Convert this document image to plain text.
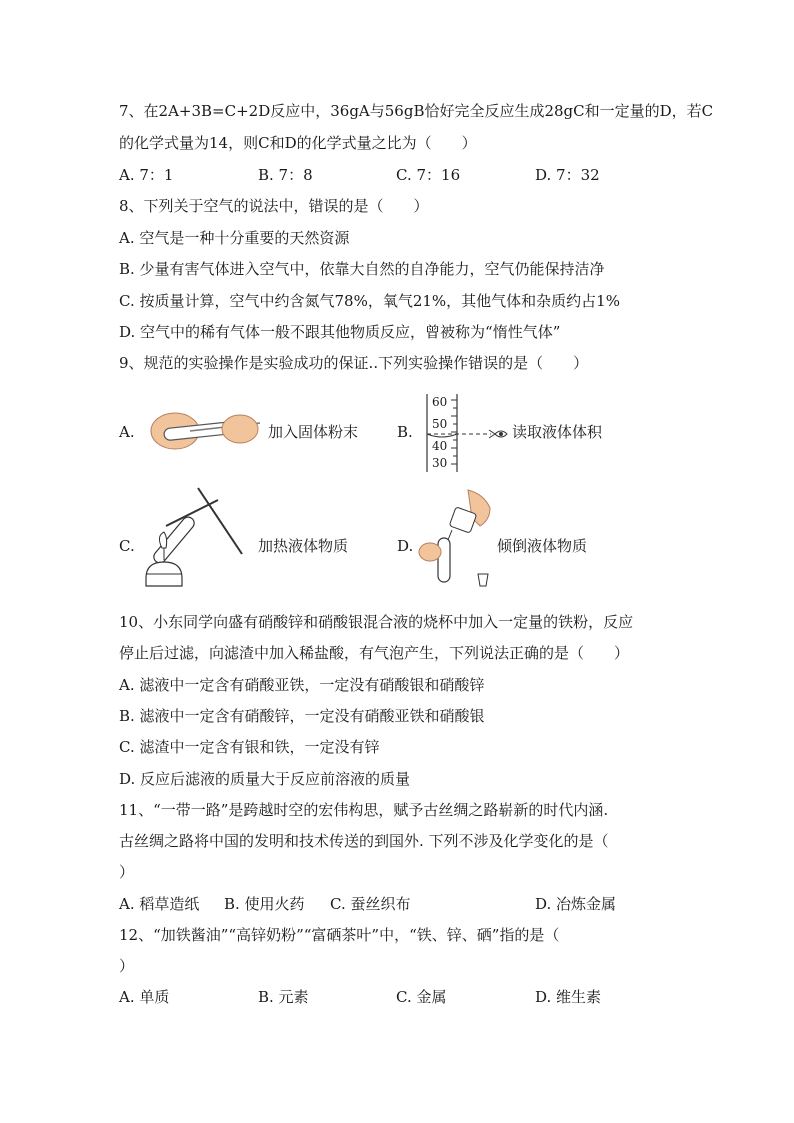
7、在2A+3B=C+2D反应中，36gA与56gB恰好完全反应生成28gC和一定量的D，若C
的化学式量为14，则C和D的化学式量之比为（　　）
A. 7：1	B. 7：8	C. 7：16	D. 7：32
8、下列关于空气的说法中，错误的是（　　）
A. 空气是一种十分重要的天然资源
B. 少量有害气体进入空气中，依靠大自然的自净能力，空气仍能保持洁净
C. 按质量计算，空气中约含氮气78%，氧气21%，其他气体和杂质约占1%
D. 空气中的稀有气体一般不跟其他物质反应，曾被称为“惰性气体”
9、规范的实验操作是实验成功的保证..下列实验操作错误的是（　　）
A.	加入固体粉末	B.
60
50
40
30
读取液体体积
C.	加热液体物质	D.	倾倒液体物质
10、小东同学向盛有硝酸锌和硝酸银混合液的烧杯中加入一定量的铁粉，反应
停止后过滤，向滤渣中加入稀盐酸，有气泡产生，下列说法正确的是（　　）
A. 滤液中一定含有硝酸亚铁，一定没有硝酸银和硝酸锌
B. 滤液中一定含有硝酸锌，一定没有硝酸亚铁和硝酸银
C. 滤渣中一定含有银和铁，一定没有锌
D. 反应后滤液的质量大于反应前溶液的质量
11、“一带一路”是跨越时空的宏伟构思，赋予古丝绸之路崭新的时代内涵.
古丝绸之路将中国的发明和技术传送的到国外. 下列不涉及化学变化的是（
）
A. 稻草造纸 B. 使用火药 C. 蚕丝织布	D. 冶炼金属
12、“加铁酱油”“高锌奶粉”“富硒茶叶”中，“铁、锌、硒”指的是（
）
A. 单质	B. 元素	C. 金属	D. 维生素
